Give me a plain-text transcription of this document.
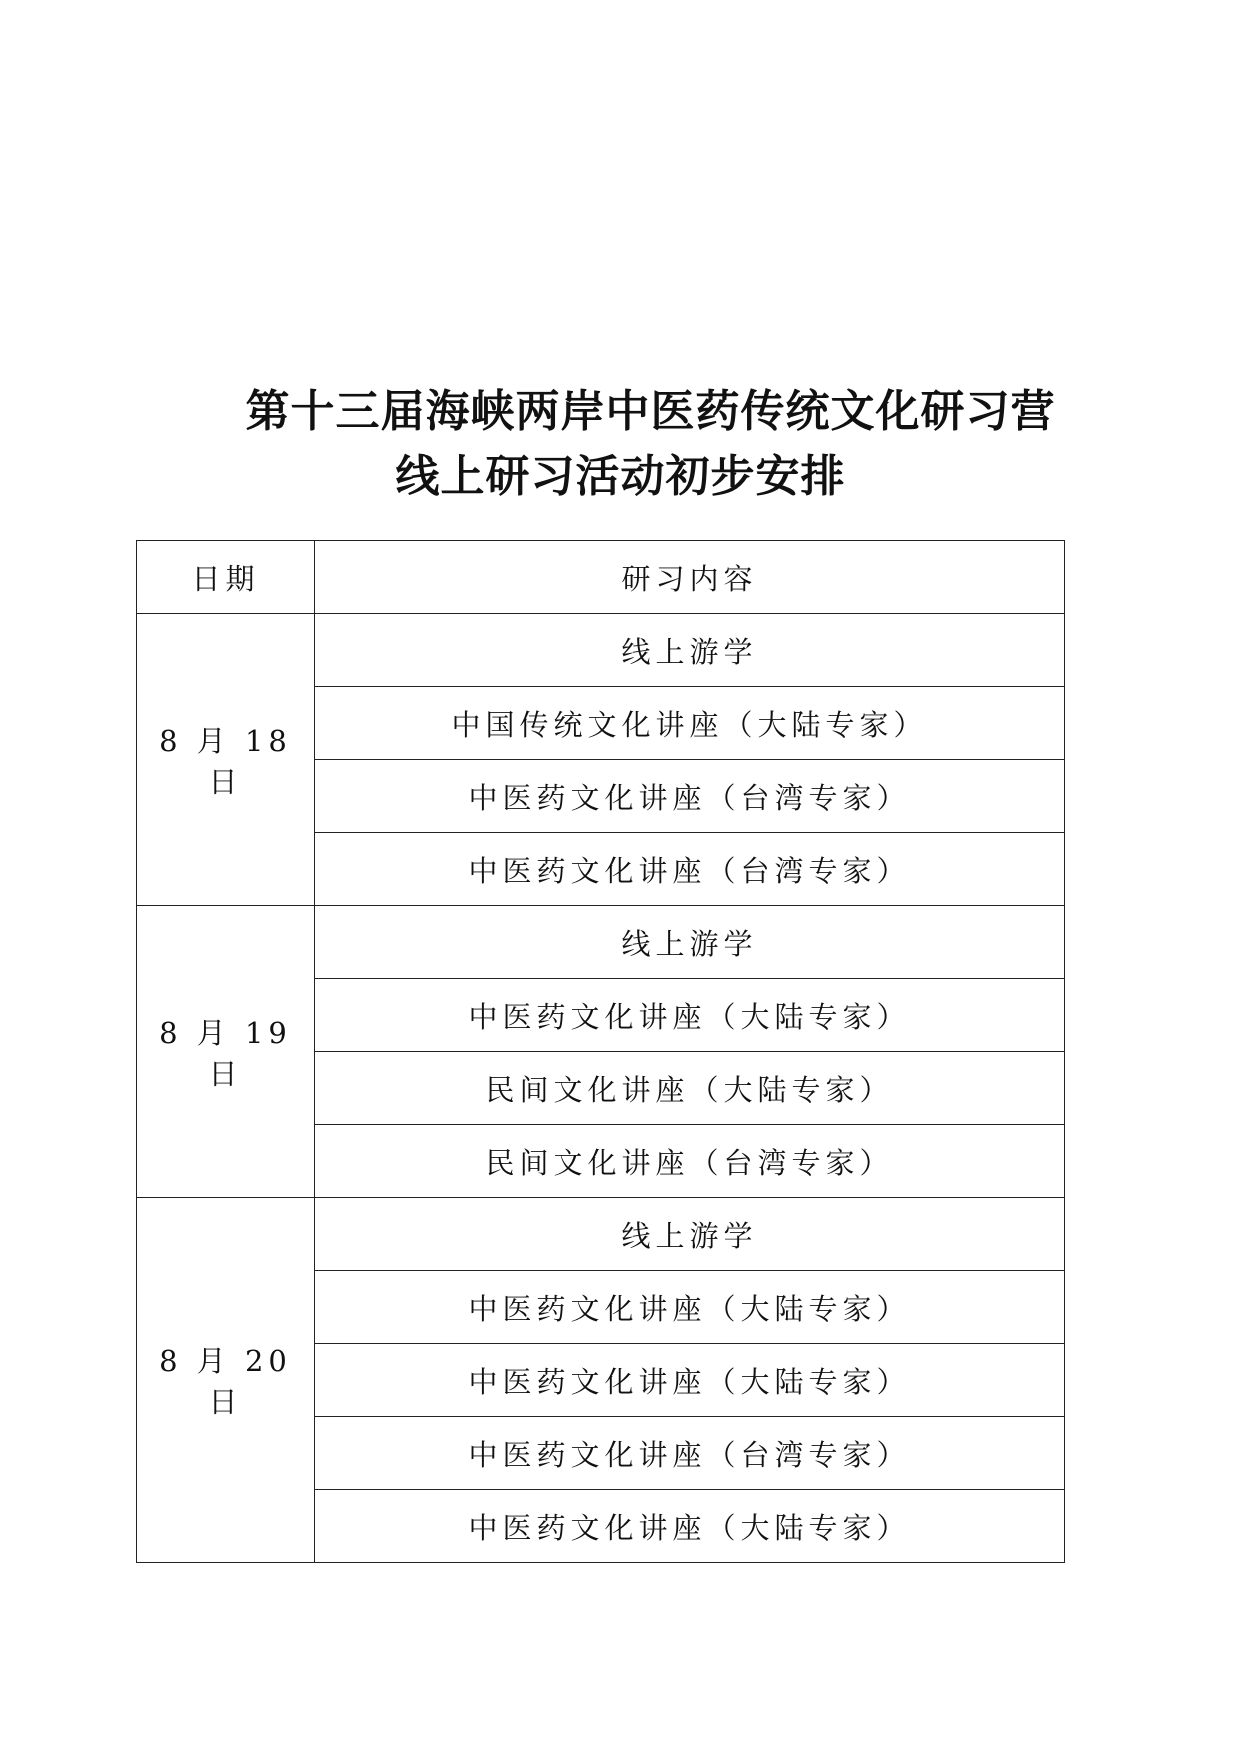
第十三届海峡两岸中医药传统文化研习营
线上研习活动初步安排
日期	研习内容
8 月 18 日	线上游学
	中国传统文化讲座（大陆专家）
	中医药文化讲座（台湾专家）
	中医药文化讲座（台湾专家）
8 月 19 日	线上游学
	中医药文化讲座（大陆专家）
	民间文化讲座（大陆专家）
	民间文化讲座（台湾专家）
8 月 20 日	线上游学
	中医药文化讲座（大陆专家）
	中医药文化讲座（大陆专家）
	中医药文化讲座（台湾专家）
	中医药文化讲座（大陆专家）
